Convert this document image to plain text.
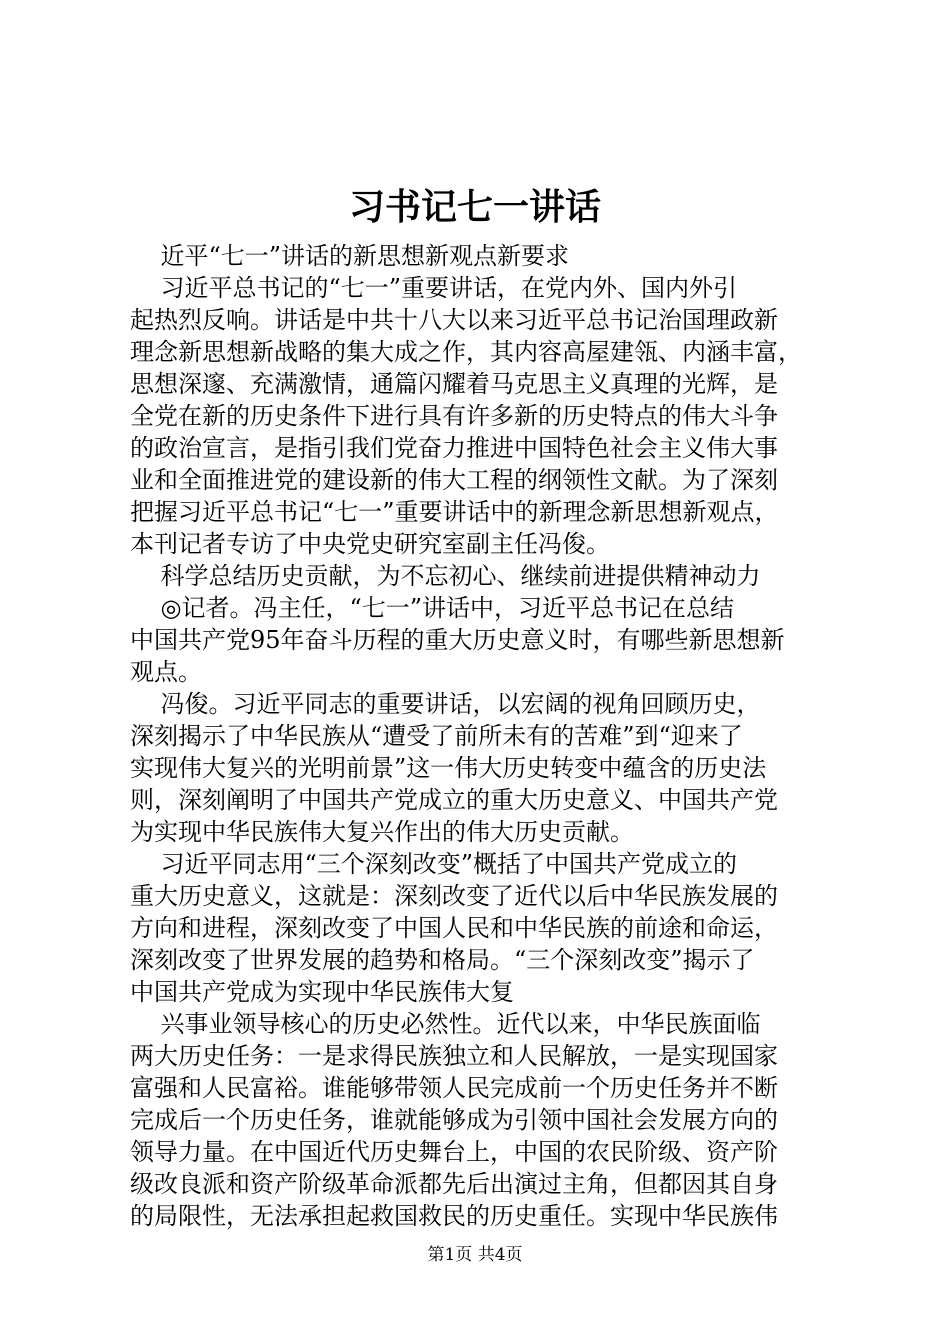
习书记七一讲话
近平“七一”讲话的新思想新观点新要求
习近平总书记的“七一”重要讲话，在党内外、国内外引
起热烈反响。讲话是中共十八大以来习近平总书记治国理政新
理念新思想新战略的集大成之作，其内容高屋建瓴、内涵丰富，
思想深邃、充满激情，通篇闪耀着马克思主义真理的光辉，是
全党在新的历史条件下进行具有许多新的历史特点的伟大斗争
的政治宣言，是指引我们党奋力推进中国特色社会主义伟大事
业和全面推进党的建设新的伟大工程的纲领性文献。为了深刻
把握习近平总书记“七一”重要讲话中的新理念新思想新观点，
本刊记者专访了中央党史研究室副主任冯俊。
科学总结历史贡献，为不忘初心、继续前进提供精神动力
◎记者。冯主任，“七一”讲话中，习近平总书记在总结
中国共产党95年奋斗历程的重大历史意义时，有哪些新思想新
观点。
冯俊。习近平同志的重要讲话，以宏阔的视角回顾历史，
深刻揭示了中华民族从“遭受了前所未有的苦难”到“迎来了
实现伟大复兴的光明前景”这一伟大历史转变中蕴含的历史法
则，深刻阐明了中国共产党成立的重大历史意义、中国共产党
为实现中华民族伟大复兴作出的伟大历史贡献。
习近平同志用“三个深刻改变”概括了中国共产党成立的
重大历史意义，这就是：深刻改变了近代以后中华民族发展的
方向和进程，深刻改变了中国人民和中华民族的前途和命运，
深刻改变了世界发展的趋势和格局。“三个深刻改变”揭示了
中国共产党成为实现中华民族伟大复
兴事业领导核心的历史必然性。近代以来，中华民族面临
两大历史任务：一是求得民族独立和人民解放，一是实现国家
富强和人民富裕。谁能够带领人民完成前一个历史任务并不断
完成后一个历史任务，谁就能够成为引领中国社会发展方向的
领导力量。在中国近代历史舞台上，中国的农民阶级、资产阶
级改良派和资产阶级革命派都先后出演过主角，但都因其自身
的局限性，无法承担起救国救民的历史重任。实现中华民族伟
第1页 共4页
